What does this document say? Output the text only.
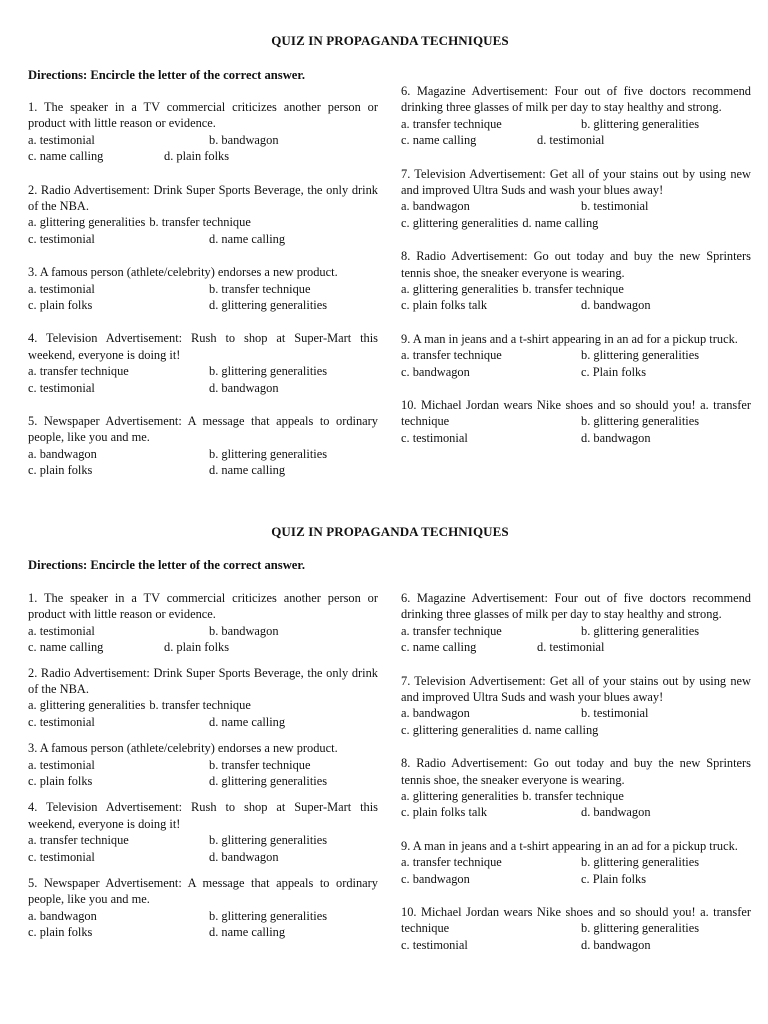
QUIZ IN PROPAGANDA TECHNIQUES
Directions: Encircle the letter of the correct answer.
1. The speaker in a TV commercial criticizes another person or product with little reason or evidence.
a. testimonial	b. bandwagon
c. name calling	d. plain folks
2. Radio Advertisement: Drink Super Sports Beverage, the only drink of the NBA.
a. glittering generalities b. transfer technique
c. testimonial	d. name calling
3. A famous person (athlete/celebrity) endorses a new product.
a. testimonial	b. transfer technique
c. plain folks	d. glittering generalities
4. Television Advertisement: Rush to shop at Super-Mart this weekend, everyone is doing it!
a. transfer technique	b. glittering generalities
c. testimonial	d. bandwagon
5. Newspaper Advertisement: A message that appeals to ordinary people, like you and me.
a. bandwagon	b. glittering generalities
c. plain folks	d. name calling
6. Magazine Advertisement: Four out of five doctors recommend drinking three glasses of milk per day to stay healthy and strong.
a. transfer technique	b. glittering generalities
c. name calling	d. testimonial
7. Television Advertisement: Get all of your stains out by using new and improved Ultra Suds and wash your blues away!
a. bandwagon	b. testimonial
c. glittering generalities d. name calling
8. Radio Advertisement: Go out today and buy the new Sprinters tennis shoe, the sneaker everyone is wearing.
a. glittering generalities b. transfer technique
c. plain folks talk	d. bandwagon
9. A man in jeans and a t-shirt appearing in an ad for a pickup truck.
a. transfer technique	b. glittering generalities
c. bandwagon	c. Plain folks
10. Michael Jordan wears Nike shoes and so should you! a. transfer technique	b. glittering generalities
c. testimonial	d. bandwagon
QUIZ IN PROPAGANDA TECHNIQUES
Directions: Encircle the letter of the correct answer.
1. The speaker in a TV commercial criticizes another person or product with little reason or evidence.
a. testimonial	b. bandwagon
c. name calling	d. plain folks
2. Radio Advertisement: Drink Super Sports Beverage, the only drink of the NBA.
a. glittering generalities b. transfer technique
c. testimonial	d. name calling
3. A famous person (athlete/celebrity) endorses a new product.
a. testimonial	b. transfer technique
c. plain folks	d. glittering generalities
4. Television Advertisement: Rush to shop at Super-Mart this weekend, everyone is doing it!
a. transfer technique	b. glittering generalities
c. testimonial	d. bandwagon
5. Newspaper Advertisement: A message that appeals to ordinary people, like you and me.
a. bandwagon	b. glittering generalities
c. plain folks	d. name calling
6. Magazine Advertisement: Four out of five doctors recommend drinking three glasses of milk per day to stay healthy and strong.
a. transfer technique	b. glittering generalities
c. name calling	d. testimonial
7. Television Advertisement: Get all of your stains out by using new and improved Ultra Suds and wash your blues away!
a. bandwagon	b. testimonial
c. glittering generalities d. name calling
8. Radio Advertisement: Go out today and buy the new Sprinters tennis shoe, the sneaker everyone is wearing.
a. glittering generalities b. transfer technique
c. plain folks talk	d. bandwagon
9. A man in jeans and a t-shirt appearing in an ad for a pickup truck.
a. transfer technique	b. glittering generalities
c. bandwagon	c. Plain folks
10. Michael Jordan wears Nike shoes and so should you! a. transfer technique	b. glittering generalities
c. testimonial	d. bandwagon
